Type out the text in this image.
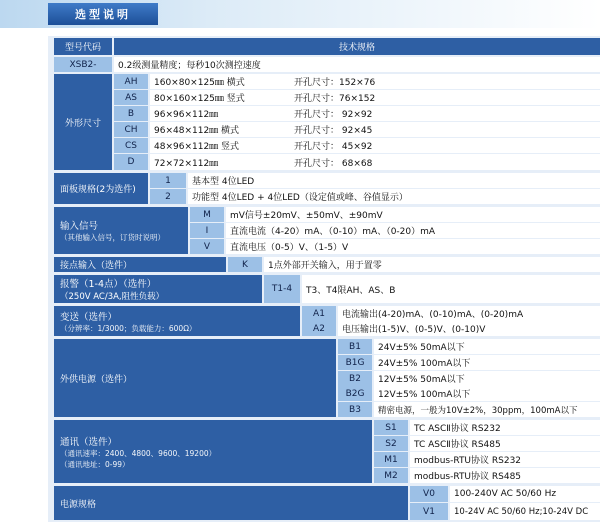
选型说明
型号代码	技术规格
XSB2-	0.2级测量精度；每秒10次测控速度
外形尺寸
AH	160×80×125㎜ 横式	开孔尺寸：152×76
AS	80×160×125㎜ 竖式	开孔尺寸：76×152
B	96×96×112㎜	开孔尺寸： 92×92
CH	96×48×112㎜ 横式	开孔尺寸： 92×45
CS	48×96×112㎜ 竖式	开孔尺寸： 45×92
D	72×72×112㎜	开孔尺寸： 68×68
面板规格(2为选件)
1	基本型 4位LED
2	功能型 4位LED + 4位LED（设定值或峰、谷值显示）
输入信号
（其他输入信号，订货时说明）
M	mV信号±20mV、±50mV、±90mV
I	直流电流（4-20）mA、（0-10）mA、（0-20）mA
V	直流电压（0-5）V、（1-5）V
接点输入（选件）	K	1点外部开关输入，用于置零
报警（1-4点）（选件）
（250V AC/3A,阻性负载）
T1-4	T3、T4限AH、AS、B
变送（选件）
（分辨率：1/3000；负载能力：600Ω）
A1	电流输出(4-20)mA、(0-10)mA、(0-20)mA
A2	电压输出(1-5)V、(0-5)V、(0-10)V
外供电源（选件）
B1	24V±5% 50mA以下
B1G	24V±5% 100mA以下
B2	12V±5% 50mA以下
B2G	12V±5% 100mA以下
B3	精密电源，一般为10V±2%，30ppm，100mA以下
通讯（选件）
（通讯速率：2400、4800、9600、19200）
（通讯地址：0-99）
S1	TC ASCⅡ协议 RS232
S2	TC ASCⅡ协议 RS485
M1	modbus-RTU协议 RS232
M2	modbus-RTU协议 RS485
电源规格
V0	100-240V AC 50/60 Hz
V1	10-24V AC 50/60 Hz;10-24V DC
